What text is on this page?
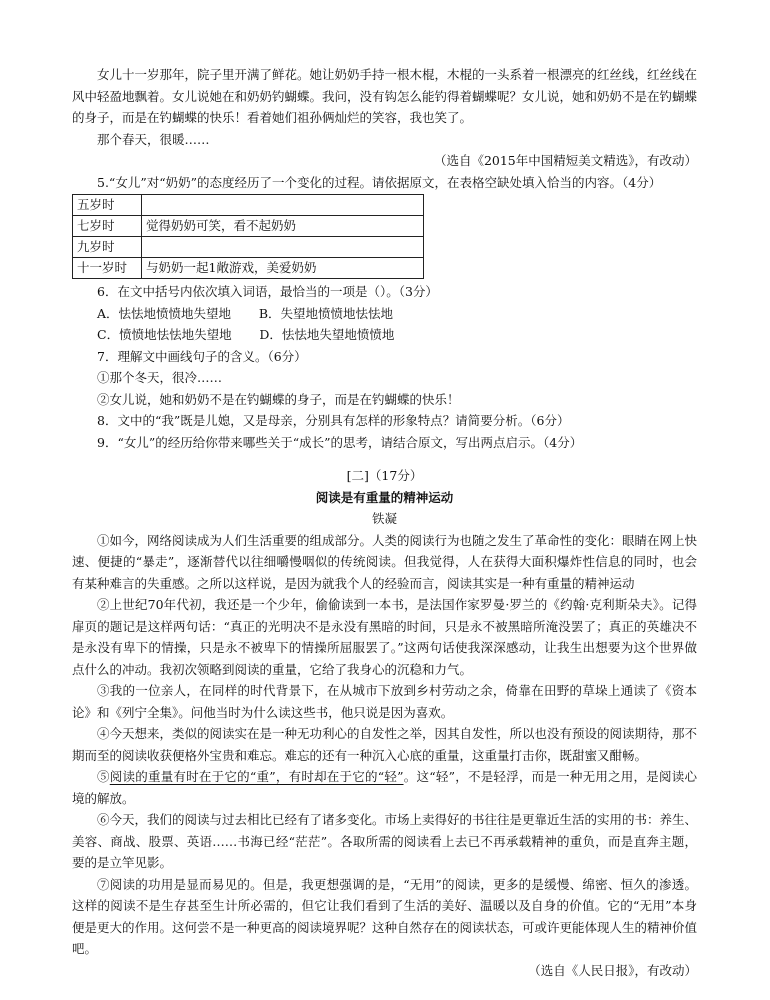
女儿十一岁那年，院子里开满了鲜花。她让奶奶手持一根木棍，木棍的一头系着一根漂亮的红丝线，红丝线在风中轻盈地飘着。女儿说她在和奶奶钓蝴蝶。我问，没有钩怎么能钓得着蝴蝶呢？女儿说，她和奶奶不是在钓蝴蝶的身子，而是在钓蝴蝶的快乐！看着她们祖孙俩灿烂的笑容，我也笑了。

那个春天，很暖……

（选自《2015年中国精短美文精选》，有改动）

5.“女儿”对“奶奶”的态度经历了一个变化的过程。请依据原文，在表格空缺处填入恰当的内容。（4分）

五岁时	
七岁时	觉得奶奶可笑，看不起奶奶
九岁时	
十一岁时	与奶奶一起1敞游戏，美爱奶奶

6．在文中括号内依次填入词语，最恰当的一项是（）。（3分）

A．怯怯地愤愤地失望地 B．失望地愤愤地怯怯地

C．愤愤地怯怯地失望地 D．怯怯地失望地愤愤地

7．理解文中画线句子的含义。（6分）

①那个冬天，很冷……

②女儿说，她和奶奶不是在钓蝴蝶的身子，而是在钓蝴蝶的快乐！

8．文中的“我”既是儿媳，又是母亲，分别具有怎样的形象特点？请简要分析。（6分）

9．“女儿”的经历给你带来哪些关于“成长”的思考，请结合原文，写出两点启示。（4分）

[二]（17分）

阅读是有重量的精神运动

铁凝

①如今，网络阅读成为人们生活重要的组成部分。人类的阅读行为也随之发生了革命性的变化：眼睛在网上快速、便捷的“暴走”，逐渐替代以往细嚼慢咽似的传统阅读。但我觉得，人在获得大面积爆炸性信息的同时，也会有某种难言的失重感。之所以这样说，是因为就我个人的经验而言，阅读其实是一种有重量的精神运动

②上世纪70年代初，我还是一个少年，偷偷读到一本书，是法国作家罗曼·罗兰的《约翰·克利斯朵夫》。记得扉页的题记是这样两句话：“真正的光明决不是永没有黑暗的时间，只是永不被黑暗所淹没罢了；真正的英雄决不是永没有卑下的情操，只是永不被卑下的情操所屈服罢了。”这两句话使我深深感动，让我生出想要为这个世界做点什么的冲动。我初次领略到阅读的重量，它给了我身心的沉稳和力气。

③我的一位亲人，在同样的时代背景下，在从城市下放到乡村劳动之余，倚靠在田野的草垛上通读了《资本论》和《列宁全集》。问他当时为什么读这些书，他只说是因为喜欢。

④今天想来，类似的阅读实在是一种无功利心的自发性之举，因其自发性，所以也没有预设的阅读期待，那不期而至的阅读收获便格外宝贵和难忘。难忘的还有一种沉入心底的重量，这重量打击你，既甜蜜又酣畅。

⑤阅读的重量有时在于它的“重”，有时却在于它的“轻”。这“轻”，不是轻浮，而是一种无用之用，是阅读心境的解放。

⑥今天，我们的阅读与过去相比已经有了诸多变化。市场上卖得好的书往往是更靠近生活的实用的书：养生、美容、商战、股票、英语……书海已经“茫茫”。各取所需的阅读看上去已不再承载精神的重负，而是直奔主题，要的是立竿见影。

⑦阅读的功用是显而易见的。但是，我更想强调的是，“无用”的阅读，更多的是缓慢、绵密、恒久的渗透。这样的阅读不是生存甚至生计所必需的，但它让我们看到了生活的美好、温暖以及自身的价值。它的“无用”本身便是更大的作用。这何尝不是一种更高的阅读境界呢？这种自然存在的阅读状态，可或许更能体现人生的精神价值吧。

（选自《人民日报》，有改动）
